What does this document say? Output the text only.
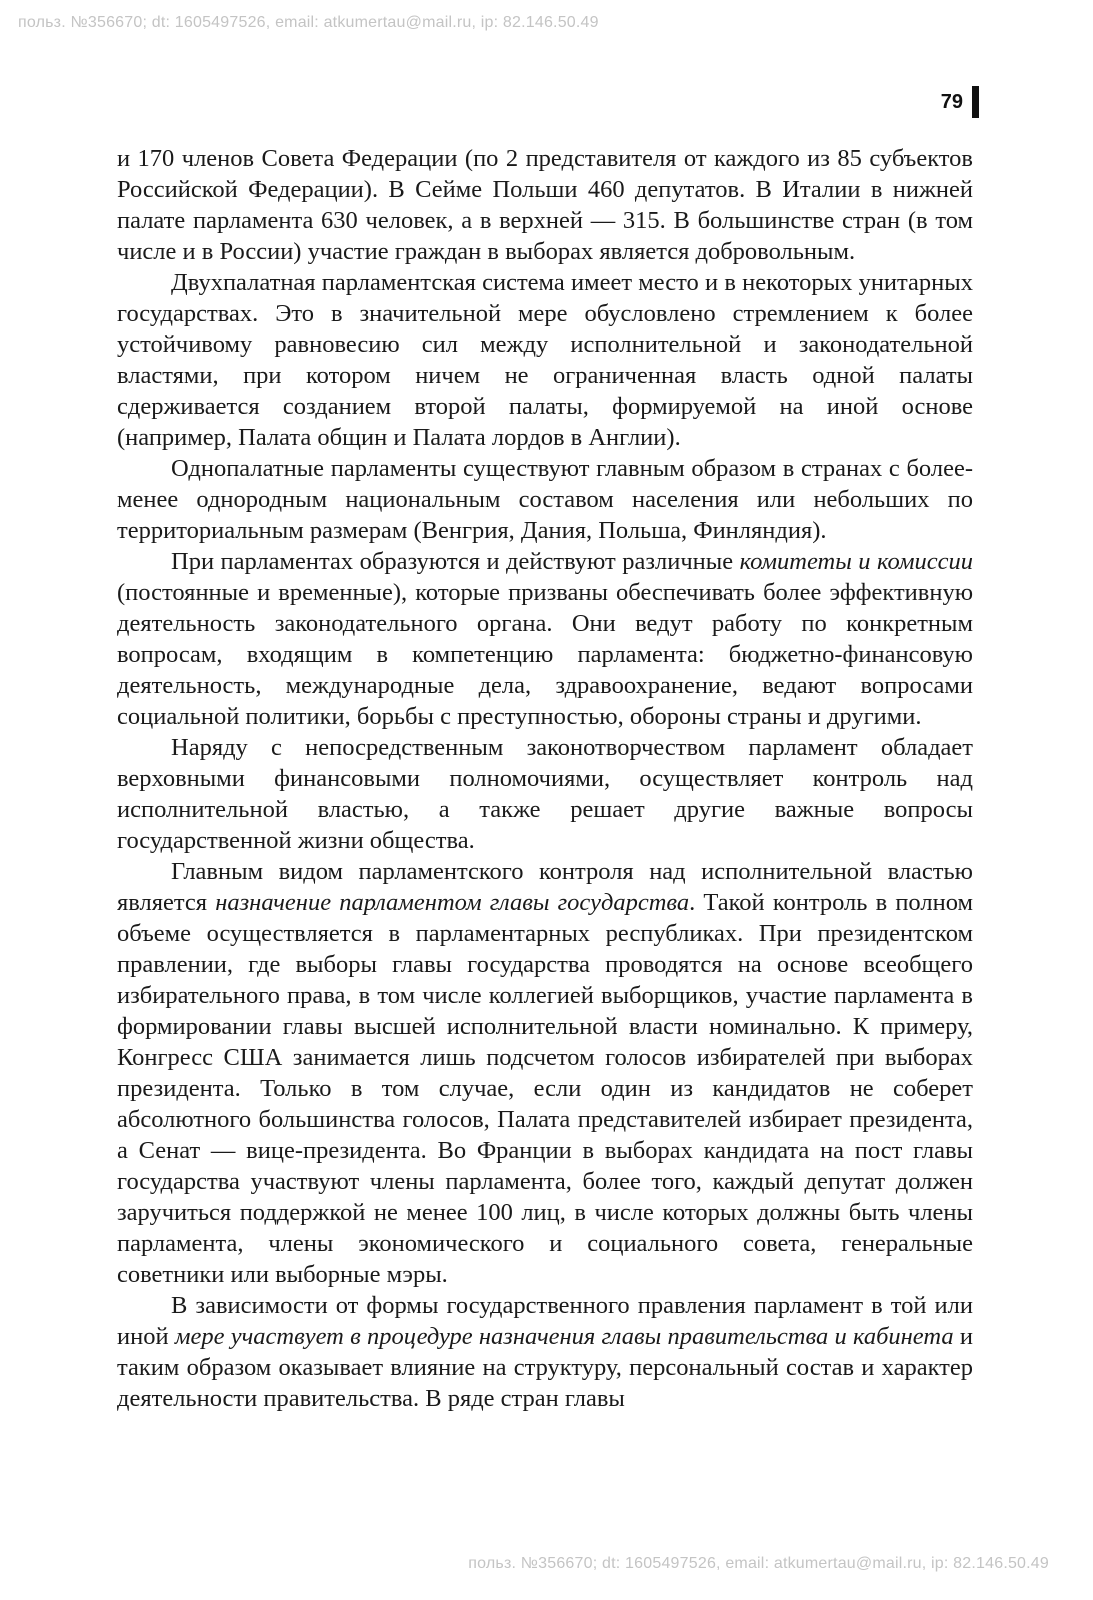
польз. №356670; dt: 1605497526, email: atkumertau@mail.ru, ip: 82.146.50.49
79

и 170 членов Совета Федерации (по 2 представителя от каждого из 85 субъектов Российской Федерации). В Сейме Польши 460 депутатов. В Италии в нижней палате парламента 630 человек, а в верхней — 315. В большинстве стран (в том числе и в России) участие граждан в выборах является добровольным.

Двухпалатная парламентская система имеет место и в некоторых унитарных государствах. Это в значительной мере обусловлено стремлением к более устойчивому равновесию сил между исполнительной и законодательной властями, при котором ничем не ограниченная власть одной палаты сдерживается созданием второй палаты, формируемой на иной основе (например, Палата общин и Палата лордов в Англии).

Однопалатные парламенты существуют главным образом в странах с более-менее однородным национальным составом населения или небольших по территориальным размерам (Венгрия, Дания, Польша, Финляндия).

При парламентах образуются и действуют различные комитеты и комиссии (постоянные и временные), которые призваны обеспечивать более эффективную деятельность законодательного органа. Они ведут работу по конкретным вопросам, входящим в компетенцию парламента: бюджетно-финансовую деятельность, международные дела, здравоохранение, ведают вопросами социальной политики, борьбы с преступностью, обороны страны и другими.

Наряду с непосредственным законотворчеством парламент обладает верховными финансовыми полномочиями, осуществляет контроль над исполнительной властью, а также решает другие важные вопросы государственной жизни общества.

Главным видом парламентского контроля над исполнительной властью является назначение парламентом главы государства. Такой контроль в полном объеме осуществляется в парламентарных республиках. При президентском правлении, где выборы главы государства проводятся на основе всеобщего избирательного права, в том числе коллегией выборщиков, участие парламента в формировании главы высшей исполнительной власти номинально. К примеру, Конгресс США занимается лишь подсчетом голосов избирателей при выборах президента. Только в том случае, если один из кандидатов не соберет абсолютного большинства голосов, Палата представителей избирает президента, а Сенат — вице-президента. Во Франции в выборах кандидата на пост главы государства участвуют члены парламента, более того, каждый депутат должен заручиться поддержкой не менее 100 лиц, в числе которых должны быть члены парламента, члены экономического и социального совета, генеральные советники или выборные мэры.

В зависимости от формы государственного правления парламент в той или иной мере участвует в процедуре назначения главы правительства и кабинета и таким образом оказывает влияние на структуру, персональный состав и характер деятельности правительства. В ряде стран главы

польз. №356670; dt: 1605497526, email: atkumertau@mail.ru, ip: 82.146.50.49
